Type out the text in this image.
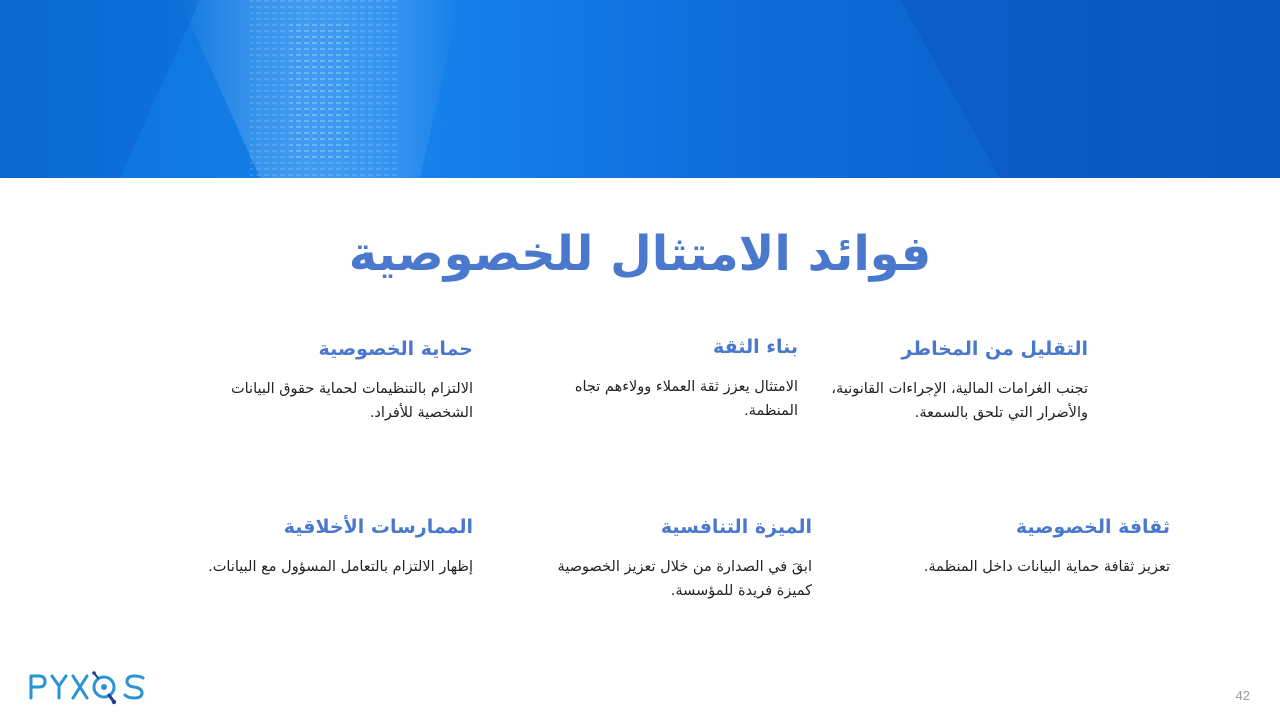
فوائد الامتثال للخصوصية
التقليل من المخاطر
تجنب الغرامات المالية، الإجراءات القانونية، والأضرار التي تلحق بالسمعة.
بناء الثقة
الامتثال يعزز ثقة العملاء وولاءهم تجاه المنظمة.
حماية الخصوصية
الالتزام بالتنظيمات لحماية حقوق البيانات الشخصية للأفراد.
ثقافة الخصوصية
تعزيز ثقافة حماية البيانات داخل المنظمة.
الميزة التنافسية
ابقَ في الصدارة من خلال تعزيز الخصوصية كميزة فريدة للمؤسسة.
الممارسات الأخلاقية
إظهار الالتزام بالتعامل المسؤول مع البيانات.
42
